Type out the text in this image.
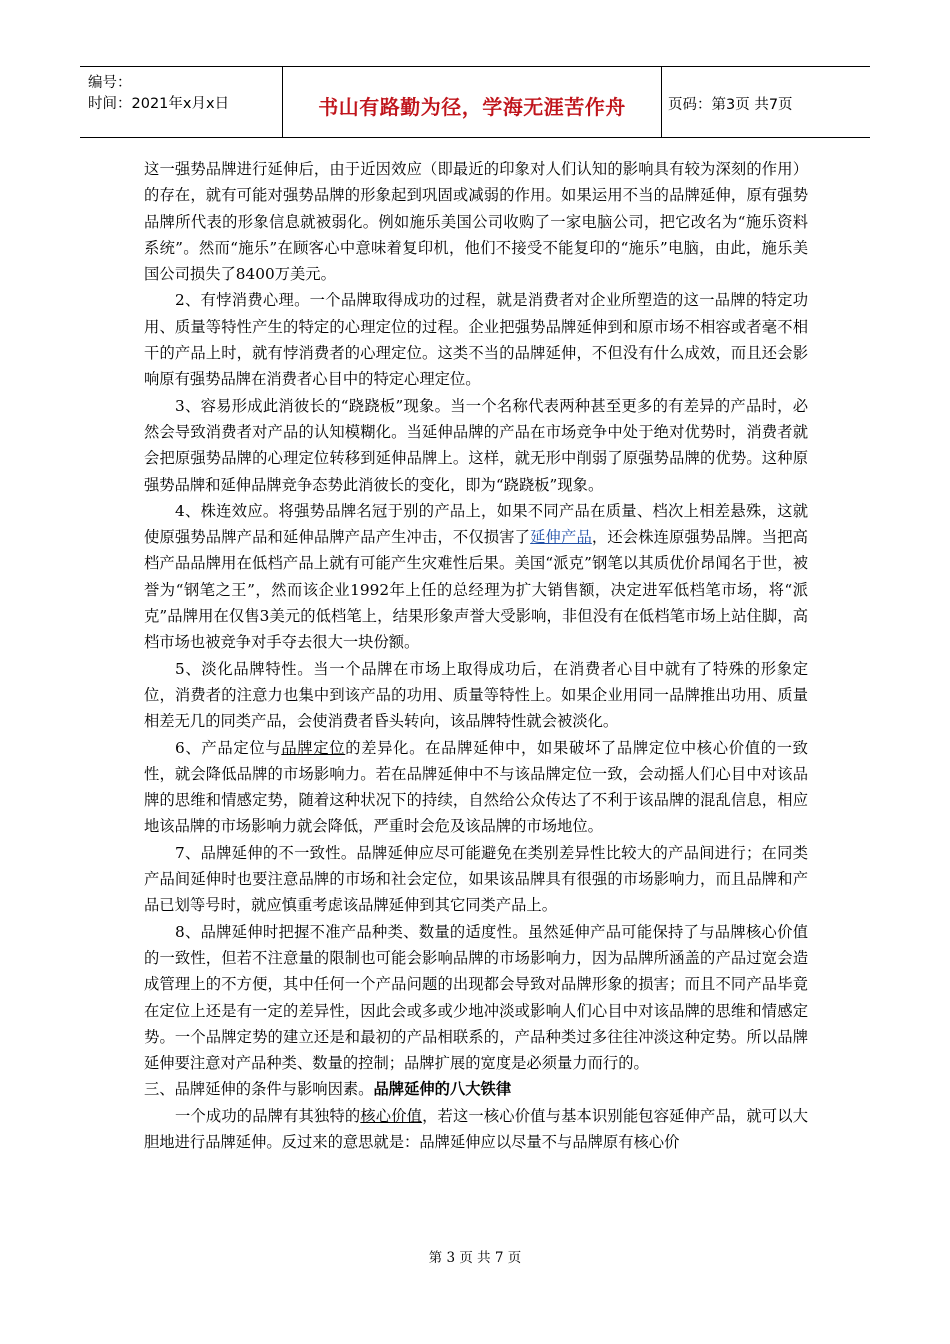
编号：
时间：2021年x月x日	书山有路勤为径，学海无涯苦作舟	页码：第3页 共7页

这一强势品牌进行延伸后，由于近因效应（即最近的印象对人们认知的影响具有较为深刻的作用）的存在，就有可能对强势品牌的形象起到巩固或减弱的作用。如果运用不当的品牌延伸，原有强势品牌所代表的形象信息就被弱化。例如施乐美国公司收购了一家电脑公司，把它改名为“施乐资料系统”。然而“施乐”在顾客心中意味着复印机，他们不接受不能复印的“施乐”电脑，由此，施乐美国公司损失了8400万美元。

2、有悖消费心理。一个品牌取得成功的过程，就是消费者对企业所塑造的这一品牌的特定功用、质量等特性产生的特定的心理定位的过程。企业把强势品牌延伸到和原市场不相容或者毫不相干的产品上时，就有悖消费者的心理定位。这类不当的品牌延伸，不但没有什么成效，而且还会影响原有强势品牌在消费者心目中的特定心理定位。

3、容易形成此消彼长的“跷跷板”现象。当一个名称代表两种甚至更多的有差异的产品时，必然会导致消费者对产品的认知模糊化。当延伸品牌的产品在市场竞争中处于绝对优势时，消费者就会把原强势品牌的心理定位转移到延伸品牌上。这样，就无形中削弱了原强势品牌的优势。这种原强势品牌和延伸品牌竞争态势此消彼长的变化，即为“跷跷板”现象。

4、株连效应。将强势品牌名冠于别的产品上，如果不同产品在质量、档次上相差悬殊，这就使原强势品牌产品和延伸品牌产品产生冲击，不仅损害了延伸产品，还会株连原强势品牌。当把高档产品品牌用在低档产品上就有可能产生灾难性后果。美国“派克”钢笔以其质优价昂闻名于世，被誉为“钢笔之王”，然而该企业1992年上任的总经理为扩大销售额，决定进军低档笔市场，将“派克”品牌用在仅售3美元的低档笔上，结果形象声誉大受影响，非但没有在低档笔市场上站住脚，高档市场也被竞争对手夺去很大一块份额。

5、淡化品牌特性。当一个品牌在市场上取得成功后，在消费者心目中就有了特殊的形象定位，消费者的注意力也集中到该产品的功用、质量等特性上。如果企业用同一品牌推出功用、质量相差无几的同类产品，会使消费者昏头转向，该品牌特性就会被淡化。

6、产品定位与品牌定位的差异化。在品牌延伸中，如果破坏了品牌定位中核心价值的一致性，就会降低品牌的市场影响力。若在品牌延伸中不与该品牌定位一致，会动摇人们心目中对该品牌的思维和情感定势，随着这种状况下的持续，自然给公众传达了不利于该品牌的混乱信息，相应地该品牌的市场影响力就会降低，严重时会危及该品牌的市场地位。

7、品牌延伸的不一致性。品牌延伸应尽可能避免在类别差异性比较大的产品间进行；在同类产品间延伸时也要注意品牌的市场和社会定位，如果该品牌具有很强的市场影响力，而且品牌和产品已划等号时，就应慎重考虑该品牌延伸到其它同类产品上。

8、品牌延伸时把握不准产品种类、数量的适度性。虽然延伸产品可能保持了与品牌核心价值的一致性，但若不注意量的限制也可能会影响品牌的市场影响力，因为品牌所涵盖的产品过宽会造成管理上的不方便，其中任何一个产品问题的出现都会导致对品牌形象的损害；而且不同产品毕竟在定位上还是有一定的差异性，因此会或多或少地冲淡或影响人们心目中对该品牌的思维和情感定势。一个品牌定势的建立还是和最初的产品相联系的，产品种类过多往往冲淡这种定势。所以品牌延伸要注意对产品种类、数量的控制；品牌扩展的宽度是必须量力而行的。

三、品牌延伸的条件与影响因素。品牌延伸的八大铁律

一个成功的品牌有其独特的核心价值，若这一核心价值与基本识别能包容延伸产品，就可以大胆地进行品牌延伸。反过来的意思就是：品牌延伸应以尽量不与品牌原有核心价

第 3 页 共 7 页
